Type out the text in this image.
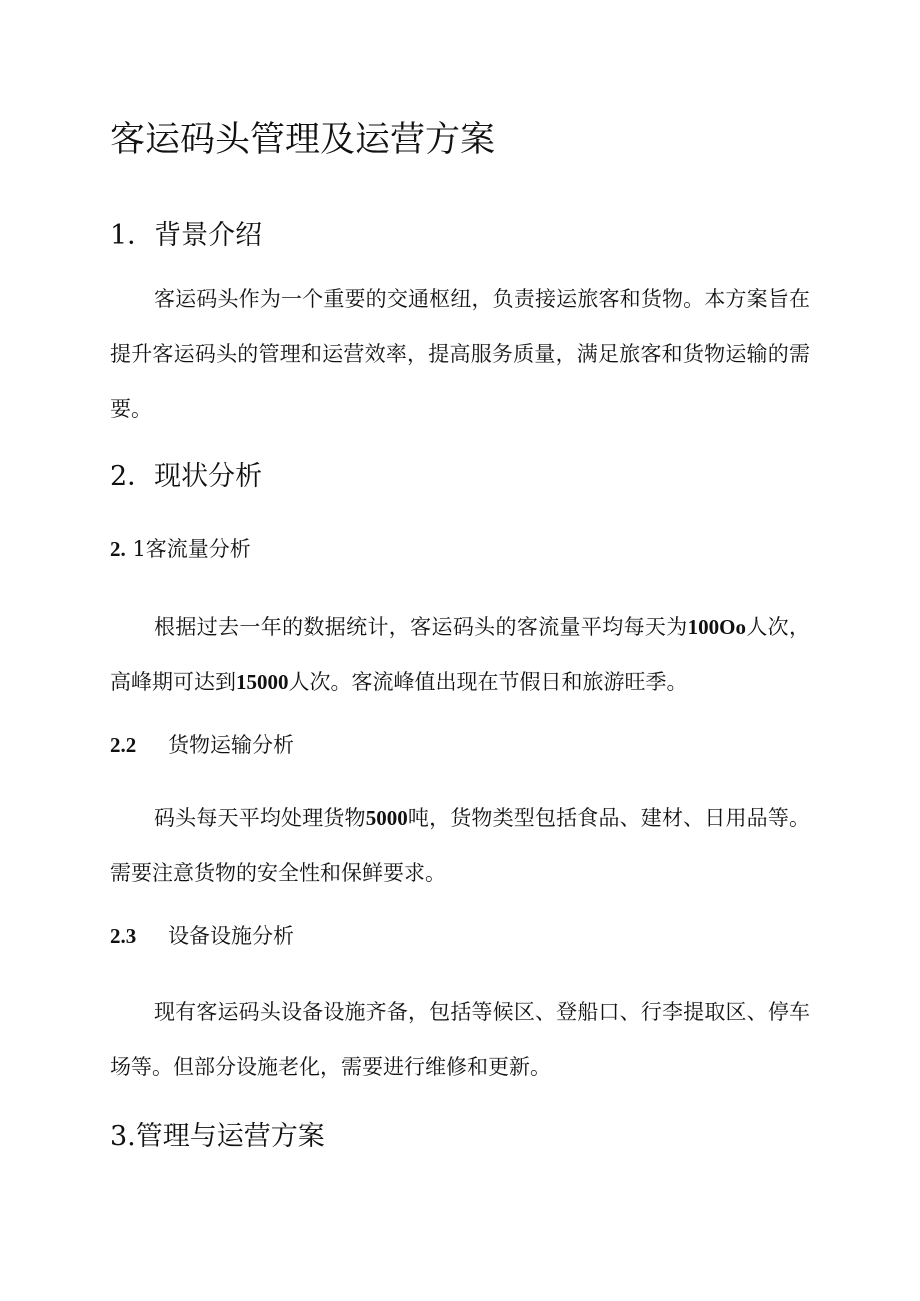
客运码头管理及运营方案
1．背景介绍

客运码头作为一个重要的交通枢纽，负责接运旅客和货物。本方案旨在提升客运码头的管理和运营效率，提高服务质量，满足旅客和货物运输的需要。

2．现状分析
2. 1客流量分析

根据过去一年的数据统计，客运码头的客流量平均每天为100Oo人次，高峰期可达到15000人次。客流峰值出现在节假日和旅游旺季。

2.2 货物运输分析

码头每天平均处理货物5000吨，货物类型包括食品、建材、日用品等。需要注意货物的安全性和保鲜要求。

2.3 设备设施分析

现有客运码头设备设施齐备，包括等候区、登船口、行李提取区、停车场等。但部分设施老化，需要进行维修和更新。

3.管理与运营方案
